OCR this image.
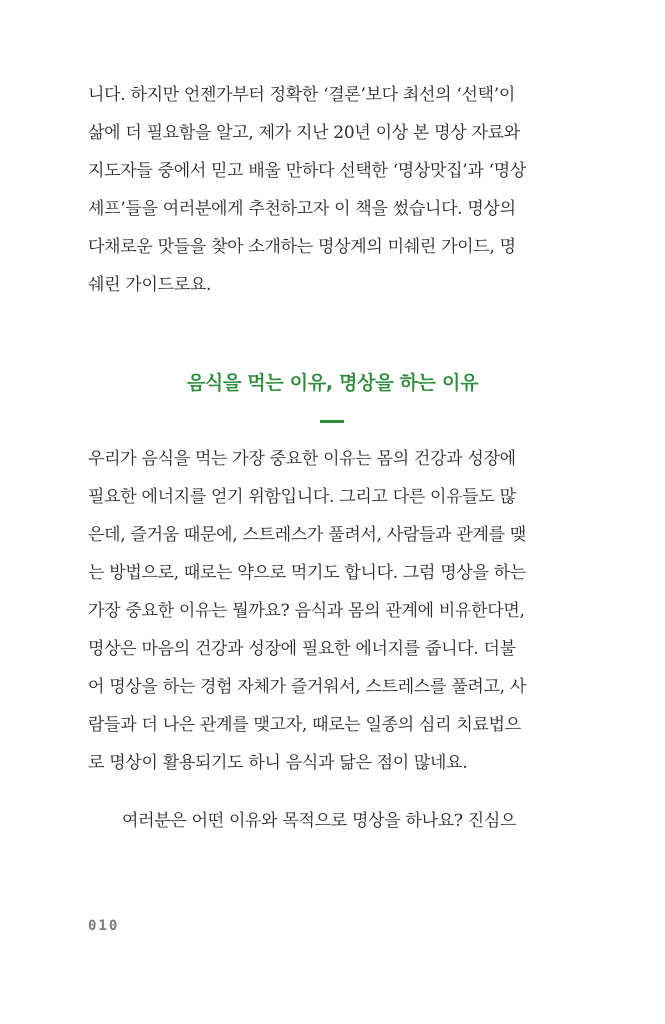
니다. 하지만 언젠가부터 정확한 ‘결론’보다 최선의 ‘선택’이
삶에 더 필요함을 알고, 제가 지난 20년 이상 본 명상 자료와
지도자들 중에서 믿고 배울 만하다 선택한 ‘명상맛집’과 ‘명상
셰프’들을 여러분에게 추천하고자 이 책을 썼습니다. 명상의
다채로운 맛들을 찾아 소개하는 명상계의 미쉐린 가이드, 명
쉐린 가이드로요.
음식을 먹는 이유, 명상을 하는 이유
우리가 음식을 먹는 가장 중요한 이유는 몸의 건강과 성장에
필요한 에너지를 얻기 위함입니다. 그리고 다른 이유들도 많
은데, 즐거움 때문에, 스트레스가 풀려서, 사람들과 관계를 맺
는 방법으로, 때로는 약으로 먹기도 합니다. 그럼 명상을 하는
가장 중요한 이유는 뭘까요? 음식과 몸의 관계에 비유한다면,
명상은 마음의 건강과 성장에 필요한 에너지를 줍니다. 더불
어 명상을 하는 경험 자체가 즐거워서, 스트레스를 풀려고, 사
람들과 더 나은 관계를 맺고자, 때로는 일종의 심리 치료법으
로 명상이 활용되기도 하니 음식과 닮은 점이 많네요.
여러분은 어떤 이유와 목적으로 명상을 하나요? 진심으
010
